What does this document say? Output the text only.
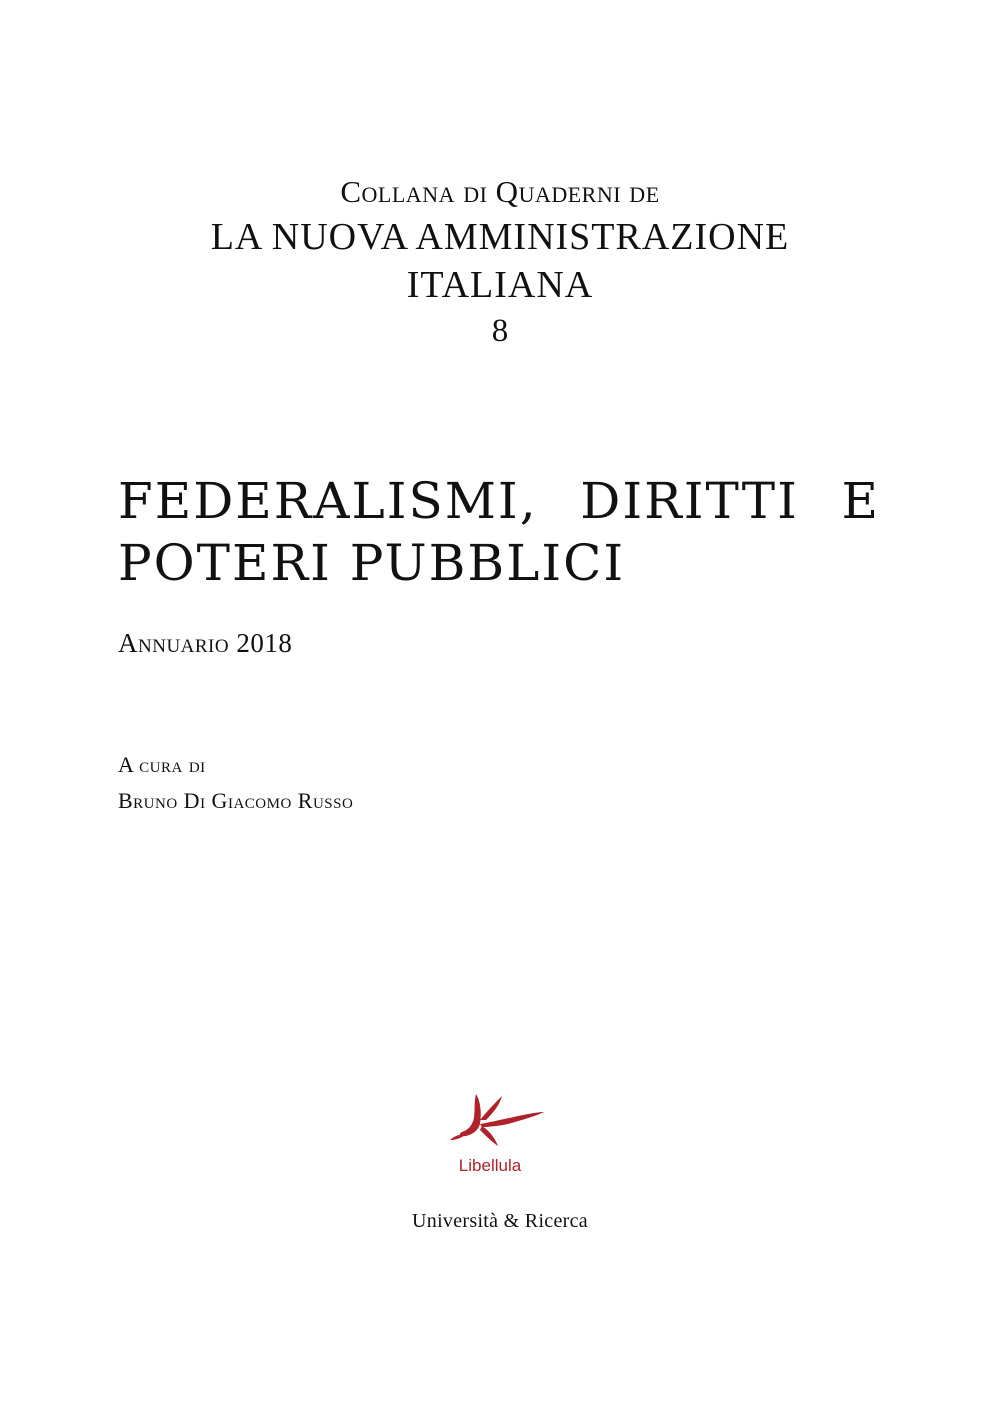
Collana di Quaderni de
LA NUOVA AMMINISTRAZIONE
ITALIANA
8
FEDERALISMI, DIRITTI E
POTERI PUBBLICI
Annuario 2018
A cura di
Bruno Di Giacomo Russo
Libellula
Università & Ricerca
